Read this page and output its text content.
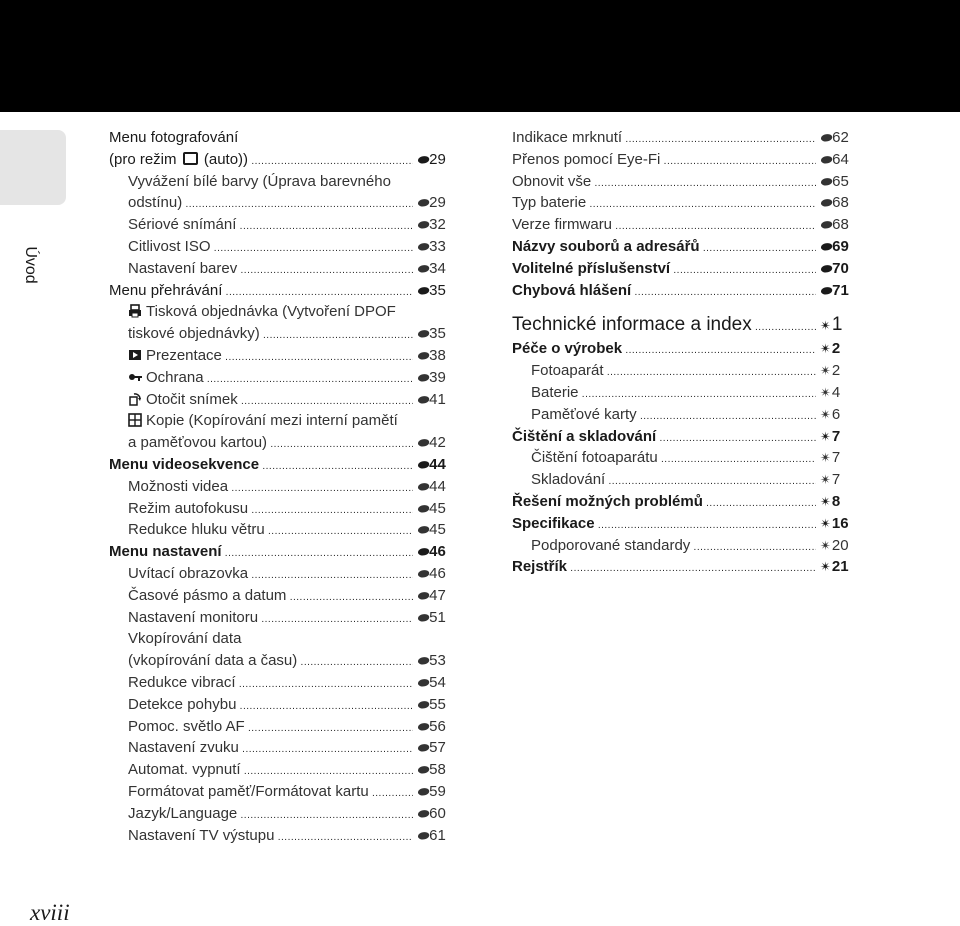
Úvod
Menu fotografování
(pro režim (auto)) .....	⬬29
Vyvážení bílé barvy (Úprava barevného
odstínu) .....	⬬29
Sériové snímání .....	⬬32
Citlivost ISO .....	⬬33
Nastavení barev .....	⬬34
Menu přehrávání .....	⬬35
Tisková objednávka (Vytvoření DPOF
tiskové objednávky) .....	⬬35
Prezentace .....	⬬38
Ochrana .....	⬬39
Otočit snímek .....	⬬41
Kopie (Kopírování mezi interní pamětí
a paměťovou kartou) .....	⬬42
Menu videosekvence .....	⬬44
Možnosti videa .....	⬬44
Režim autofokusu .....	⬬45
Redukce hluku větru .....	⬬45
Menu nastavení .....	⬬46
Uvítací obrazovka .....	⬬46
Časové pásmo a datum .....	⬬47
Nastavení monitoru .....	⬬51
Vkopírování data
(vkopírování data a času) .....	⬬53
Redukce vibrací .....	⬬54
Detekce pohybu .....	⬬55
Pomoc. světlo AF .....	⬬56
Nastavení zvuku .....	⬬57
Automat. vypnutí .....	⬬58
Formátovat paměť/Formátovat kartu .....	⬬59
Jazyk/Language .....	⬬60
Nastavení TV výstupu .....	⬬61
Indikace mrknutí .....	⬬62
Přenos pomocí Eye-Fi .....	⬬64
Obnovit vše .....	⬬65
Typ baterie .....	⬬68
Verze firmwaru .....	⬬68
Názvy souborů a adresářů .....	⬬69
Volitelné příslušenství .....	⬬70
Chybová hlášení .....	⬬71
Technické informace a index .....	✴1
Péče o výrobek .....	✴2
Fotoaparát .....	✴2
Baterie .....	✴4
Paměťové karty .....	✴6
Čištění a skladování .....	✴7
Čištění fotoaparátu .....	✴7
Skladování .....	✴7
Řešení možných problémů .....	✴8
Specifikace .....	✴16
Podporované standardy .....	✴20
Rejstřík .....	✴21
xviii
